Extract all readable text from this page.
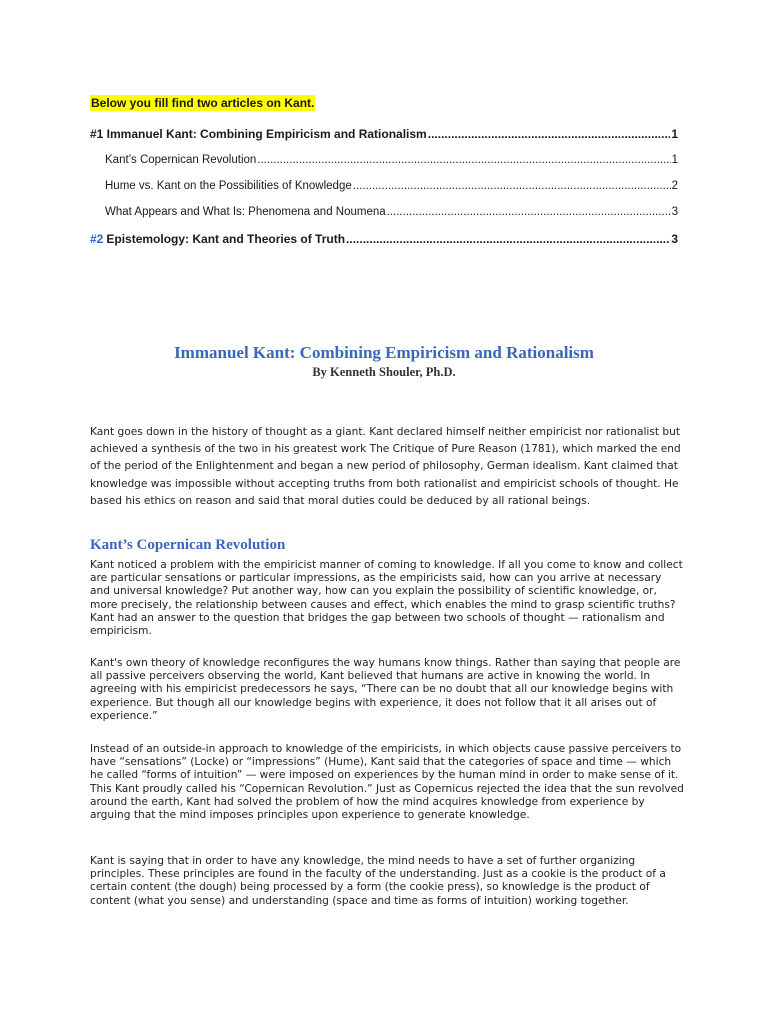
Below you fill find two articles on Kant.
#1 Immanuel Kant: Combining Empiricism and Rationalism .....	1
Kant’s Copernican Revolution .....	1
Hume vs. Kant on the Possibilities of Knowledge .....	2
What Appears and What Is: Phenomena and Noumena .....	3
#2 Epistemology: Kant and Theories of Truth .....	3
Immanuel Kant: Combining Empiricism and Rationalism
By Kenneth Shouler, Ph.D.

Kant goes down in the history of thought as a giant. Kant declared himself neither empiricist nor rationalist but achieved a synthesis of the two in his greatest work The Critique of Pure Reason (1781), which marked the end of the period of the Enlightenment and began a new period of philosophy, German idealism. Kant claimed that knowledge was impossible without accepting truths from both rationalist and empiricist schools of thought. He based his ethics on reason and said that moral duties could be deduced by all rational beings.

Kant’s Copernican Revolution

Kant noticed a problem with the empiricist manner of coming to knowledge. If all you come to know and collect are particular sensations or particular impressions, as the empiricists said, how can you arrive at necessary and universal knowledge? Put another way, how can you explain the possibility of scientific knowledge, or, more precisely, the relationship between causes and effect, which enables the mind to grasp scientific truths? Kant had an answer to the question that bridges the gap between two schools of thought — rationalism and empiricism.

Kant's own theory of knowledge reconfigures the way humans know things. Rather than saying that people are all passive perceivers observing the world, Kant believed that humans are active in knowing the world. In agreeing with his empiricist predecessors he says, “There can be no doubt that all our knowledge begins with experience. But though all our knowledge begins with experience, it does not follow that it all arises out of experience.”

Instead of an outside-in approach to knowledge of the empiricists, in which objects cause passive perceivers to have “sensations” (Locke) or “impressions” (Hume), Kant said that the categories of space and time — which he called “forms of intuition” — were imposed on experiences by the human mind in order to make sense of it. This Kant proudly called his “Copernican Revolution.” Just as Copernicus rejected the idea that the sun revolved around the earth, Kant had solved the problem of how the mind acquires knowledge from experience by arguing that the mind imposes principles upon experience to generate knowledge.

Kant is saying that in order to have any knowledge, the mind needs to have a set of further organizing principles. These principles are found in the faculty of the understanding. Just as a cookie is the product of a certain content (the dough) being processed by a form (the cookie press), so knowledge is the product of content (what you sense) and understanding (space and time as forms of intuition) working together.
